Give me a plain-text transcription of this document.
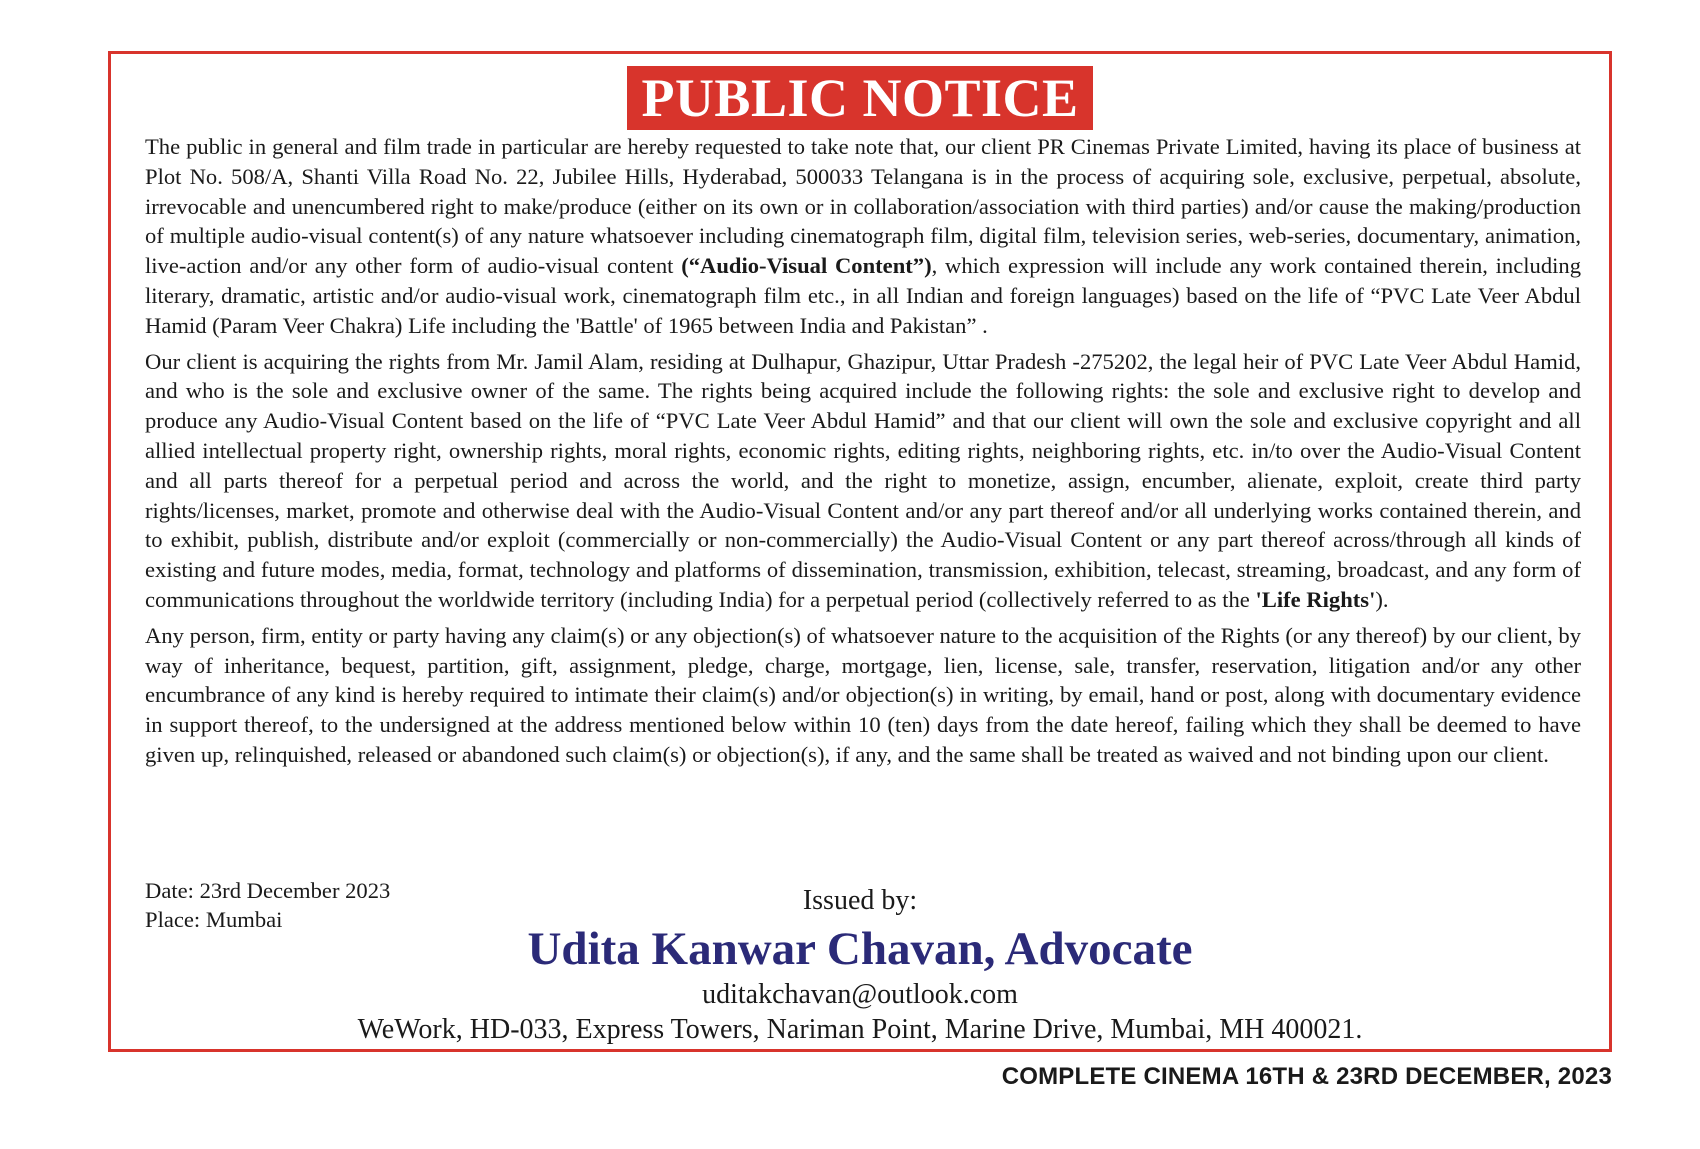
PUBLIC NOTICE

The public in general and film trade in particular are hereby requested to take note that, our client PR Cinemas Private Limited, having its place of business at Plot No. 508/A, Shanti Villa Road No. 22, Jubilee Hills, Hyderabad, 500033 Telangana is in the process of acquiring sole, exclusive, perpetual, absolute, irrevocable and unencumbered right to make/produce (either on its own or in collaboration/association with third parties) and/or cause the making/production of multiple audio-visual content(s) of any nature whatsoever including cinematograph film, digital film, television series, web-series, documentary, animation, live-action and/or any other form of audio-visual content (“Audio-Visual Content”), which expression will include any work contained therein, including literary, dramatic, artistic and/or audio-visual work, cinematograph film etc., in all Indian and foreign languages) based on the life of “PVC Late Veer Abdul Hamid (Param Veer Chakra) Life including the 'Battle' of 1965 between India and Pakistan” .

Our client is acquiring the rights from Mr. Jamil Alam, residing at Dulhapur, Ghazipur, Uttar Pradesh -275202, the legal heir of PVC Late Veer Abdul Hamid, and who is the sole and exclusive owner of the same. The rights being acquired include the following rights: the sole and exclusive right to develop and produce any Audio-Visual Content based on the life of “PVC Late Veer Abdul Hamid” and that our client will own the sole and exclusive copyright and all allied intellectual property right, ownership rights, moral rights, economic rights, editing rights, neighboring rights, etc. in/to over the Audio-Visual Content and all parts thereof for a perpetual period and across the world, and the right to monetize, assign, encumber, alienate, exploit, create third party rights/licenses, market, promote and otherwise deal with the Audio-Visual Content and/or any part thereof and/or all underlying works contained therein, and to exhibit, publish, distribute and/or exploit (commercially or non-commercially) the Audio-Visual Content or any part thereof across/through all kinds of existing and future modes, media, format, technology and platforms of dissemination, transmission, exhibition, telecast, streaming, broadcast, and any form of communications throughout the worldwide territory (including India) for a perpetual period (collectively referred to as the 'Life Rights').

Any person, firm, entity or party having any claim(s) or any objection(s) of whatsoever nature to the acquisition of the Rights (or any thereof) by our client, by way of inheritance, bequest, partition, gift, assignment, pledge, charge, mortgage, lien, license, sale, transfer, reservation, litigation and/or any other encumbrance of any kind is hereby required to intimate their claim(s) and/or objection(s) in writing, by email, hand or post, along with documentary evidence in support thereof, to the undersigned at the address mentioned below within 10 (ten) days from the date hereof, failing which they shall be deemed to have given up, relinquished, released or abandoned such claim(s) or objection(s), if any, and the same shall be treated as waived and not binding upon our client.

Date: 23rd December 2023
Place: Mumbai
Issued by:
Udita Kanwar Chavan, Advocate
uditakchavan@outlook.com
WeWork, HD-033, Express Towers, Nariman Point, Marine Drive, Mumbai, MH 400021.
COMPLETE CINEMA 16TH & 23RD DECEMBER, 2023
